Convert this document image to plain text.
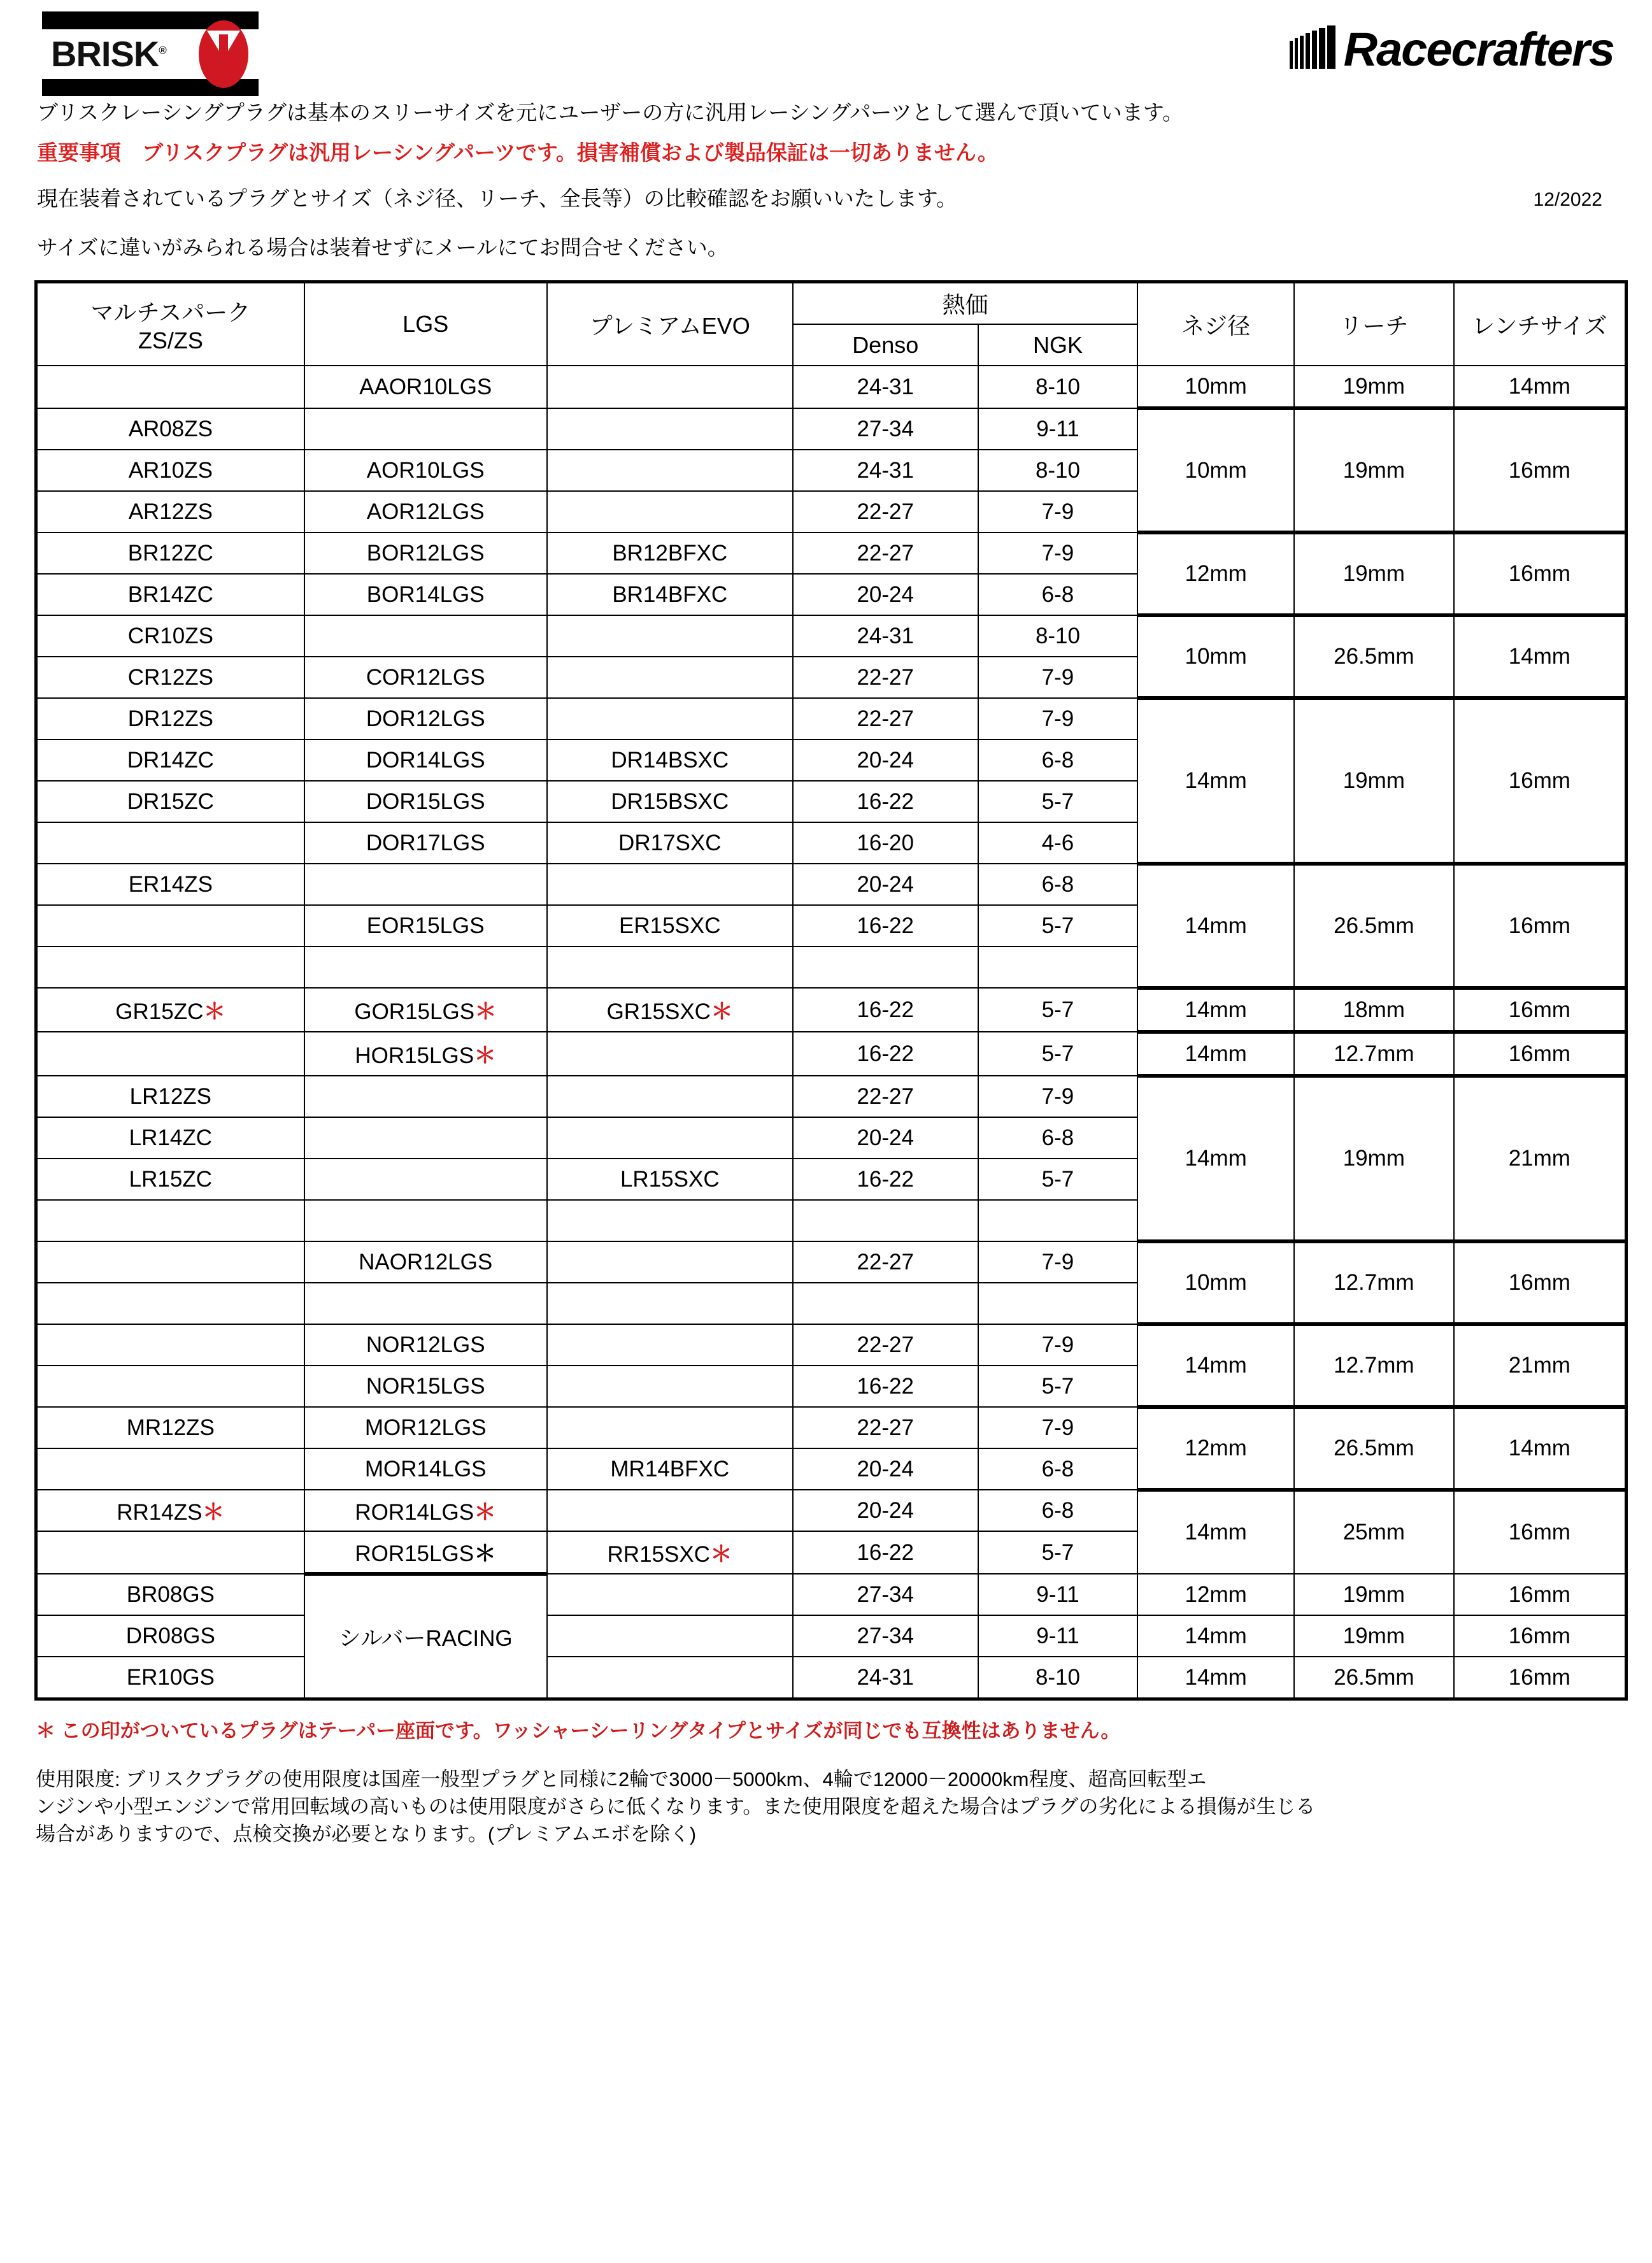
BRISK®	Racecrafters
ブリスクレーシングプラグは基本のスリーサイズを元にユーザーの方に汎用レーシングパーツとして選んで頂いています。
重要事項　ブリスクプラグは汎用レーシングパーツです。損害補償および製品保証は一切ありません。
現在装着されているプラグとサイズ（ネジ径、リーチ、全長等）の比較確認をお願いいたします。	12/2022
サイズに違いがみられる場合は装着せずにメールにてお問合せください。
マルチスパーク
ZS/ZS	LGS	プレミアムEVO	熱価		ネジ径	リーチ	レンチサイズ
			Denso	NGK			
	AAOR10LGS		24-31	8-10	10mm	19mm	14mm
AR08ZS			27-34	9-11	10mm	19mm	16mm
AR10ZS	AOR10LGS		24-31	8-10			
AR12ZS	AOR12LGS		22-27	7-9			
BR12ZC	BOR12LGS	BR12BFXC	22-27	7-9	12mm	19mm	16mm
BR14ZC	BOR14LGS	BR14BFXC	20-24	6-8			
CR10ZS			24-31	8-10	10mm	26.5mm	14mm
CR12ZS	COR12LGS		22-27	7-9			
DR12ZS	DOR12LGS		22-27	7-9	14mm	19mm	16mm
DR14ZC	DOR14LGS	DR14BSXC	20-24	6-8			
DR15ZC	DOR15LGS	DR15BSXC	16-22	5-7			
	DOR17LGS	DR17SXC	16-20	4-6			
ER14ZS			20-24	6-8	14mm	26.5mm	16mm
	EOR15LGS	ER15SXC	16-22	5-7			

GR15ZC＊	GOR15LGS＊	GR15SXC＊	16-22	5-7	14mm	18mm	16mm
	HOR15LGS＊		16-22	5-7	14mm	12.7mm	16mm
LR12ZS			22-27	7-9	14mm	19mm	21mm
LR14ZC			20-24	6-8			
LR15ZC		LR15SXC	16-22	5-7			

	NAOR12LGS		22-27	7-9	10mm	12.7mm	16mm

	NOR12LGS		22-27	7-9	14mm	12.7mm	21mm
	NOR15LGS		16-22	5-7			
MR12ZS	MOR12LGS		22-27	7-9	12mm	26.5mm	14mm
	MOR14LGS	MR14BFXC	20-24	6-8			
RR14ZS＊	ROR14LGS＊		20-24	6-8	14mm	25mm	16mm
	ROR15LGS＊	RR15SXC＊	16-22	5-7			
BR08GS	シルバーRACING		27-34	9-11	12mm	19mm	16mm
DR08GS			27-34	9-11	14mm	19mm	16mm
ER10GS			24-31	8-10	14mm	26.5mm	16mm
＊ この印がついているプラグはテーパー座面です。ワッシャーシーリングタイプとサイズが同じでも互換性はありません。
使用限度: ブリスクプラグの使用限度は国産一般型プラグと同様に2輪で3000－5000km、4輪で12000－20000km程度、超高回転型エ
ンジンや小型エンジンで常用回転域の高いものは使用限度がさらに低くなります。また使用限度を超えた場合はプラグの劣化による損傷が生じる
場合がありますので、点検交換が必要となります。(プレミアムエボを除く)
